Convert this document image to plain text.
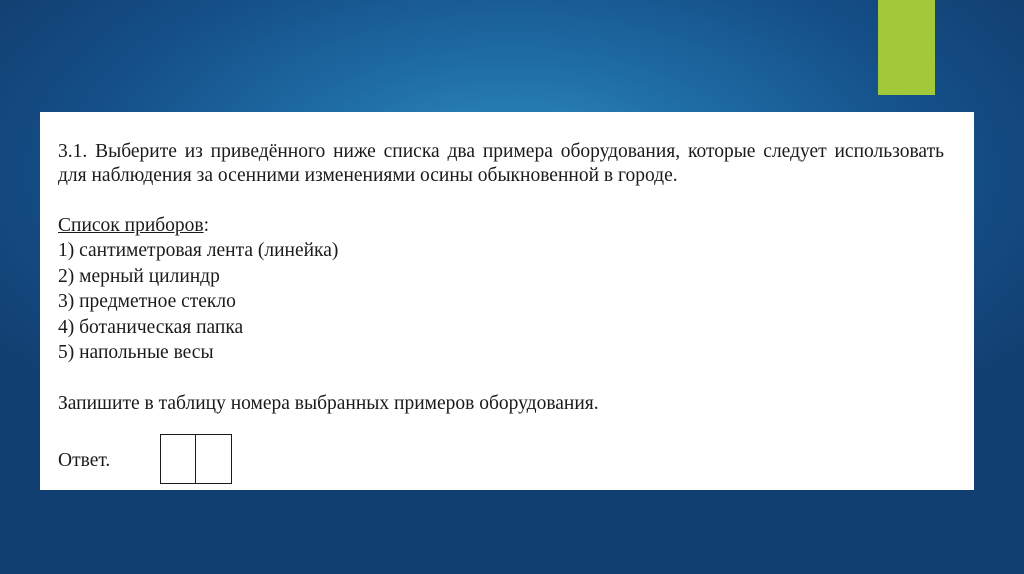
3.1. Выберите из приведённого ниже списка два примера оборудования, которые следует использовать для наблюдения за осенними изменениями осины обыкновенной в городе.

Список приборов:

1) сантиметровая лента (линейка)
2) мерный цилиндр
3) предметное стекло
4) ботаническая папка
5) напольные весы

Запишите в таблицу номера выбранных примеров оборудования.

Ответ.
